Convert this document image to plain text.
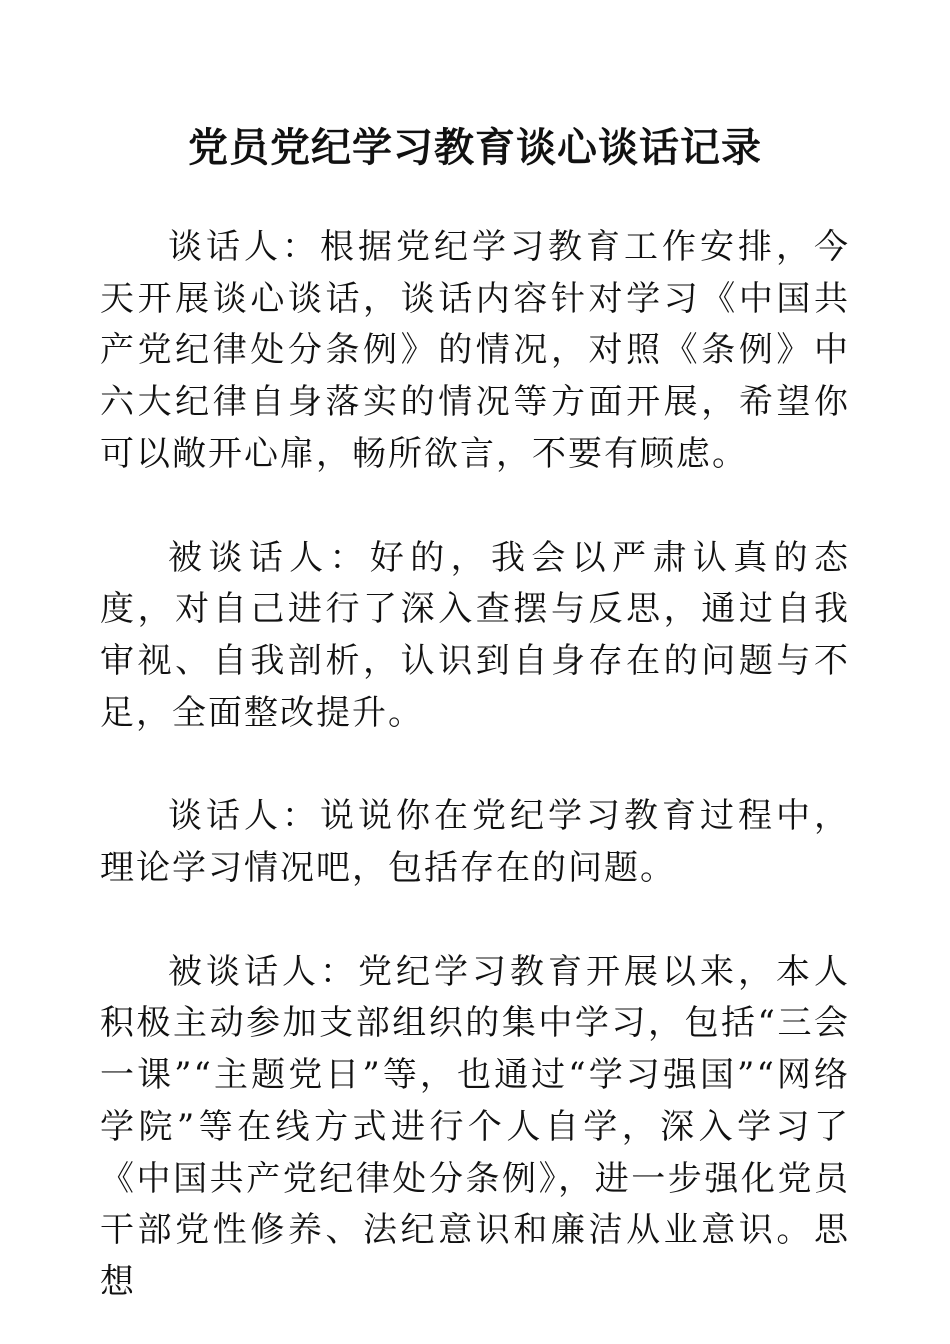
党员党纪学习教育谈心谈话记录

谈话人：根据党纪学习教育工作安排，今天开展谈心谈话，谈话内容针对学习《中国共产党纪律处分条例》的情况，对照《条例》中六大纪律自身落实的情况等方面开展，希望你可以敞开心扉，畅所欲言，不要有顾虑。

被谈话人：好的，我会以严肃认真的态度，对自己进行了深入查摆与反思，通过自我审视、自我剖析，认识到自身存在的问题与不足，全面整改提升。

谈话人：说说你在党纪学习教育过程中，理论学习情况吧，包括存在的问题。

被谈话人：党纪学习教育开展以来，本人积极主动参加支部组织的集中学习，包括“三会一课”“主题党日”等，也通过“学习强国”“网络学院”等在线方式进行个人自学，深入学习了《中国共产党纪律处分条例》，进一步强化党员干部党性修养、法纪意识和廉洁从业意识。思想
